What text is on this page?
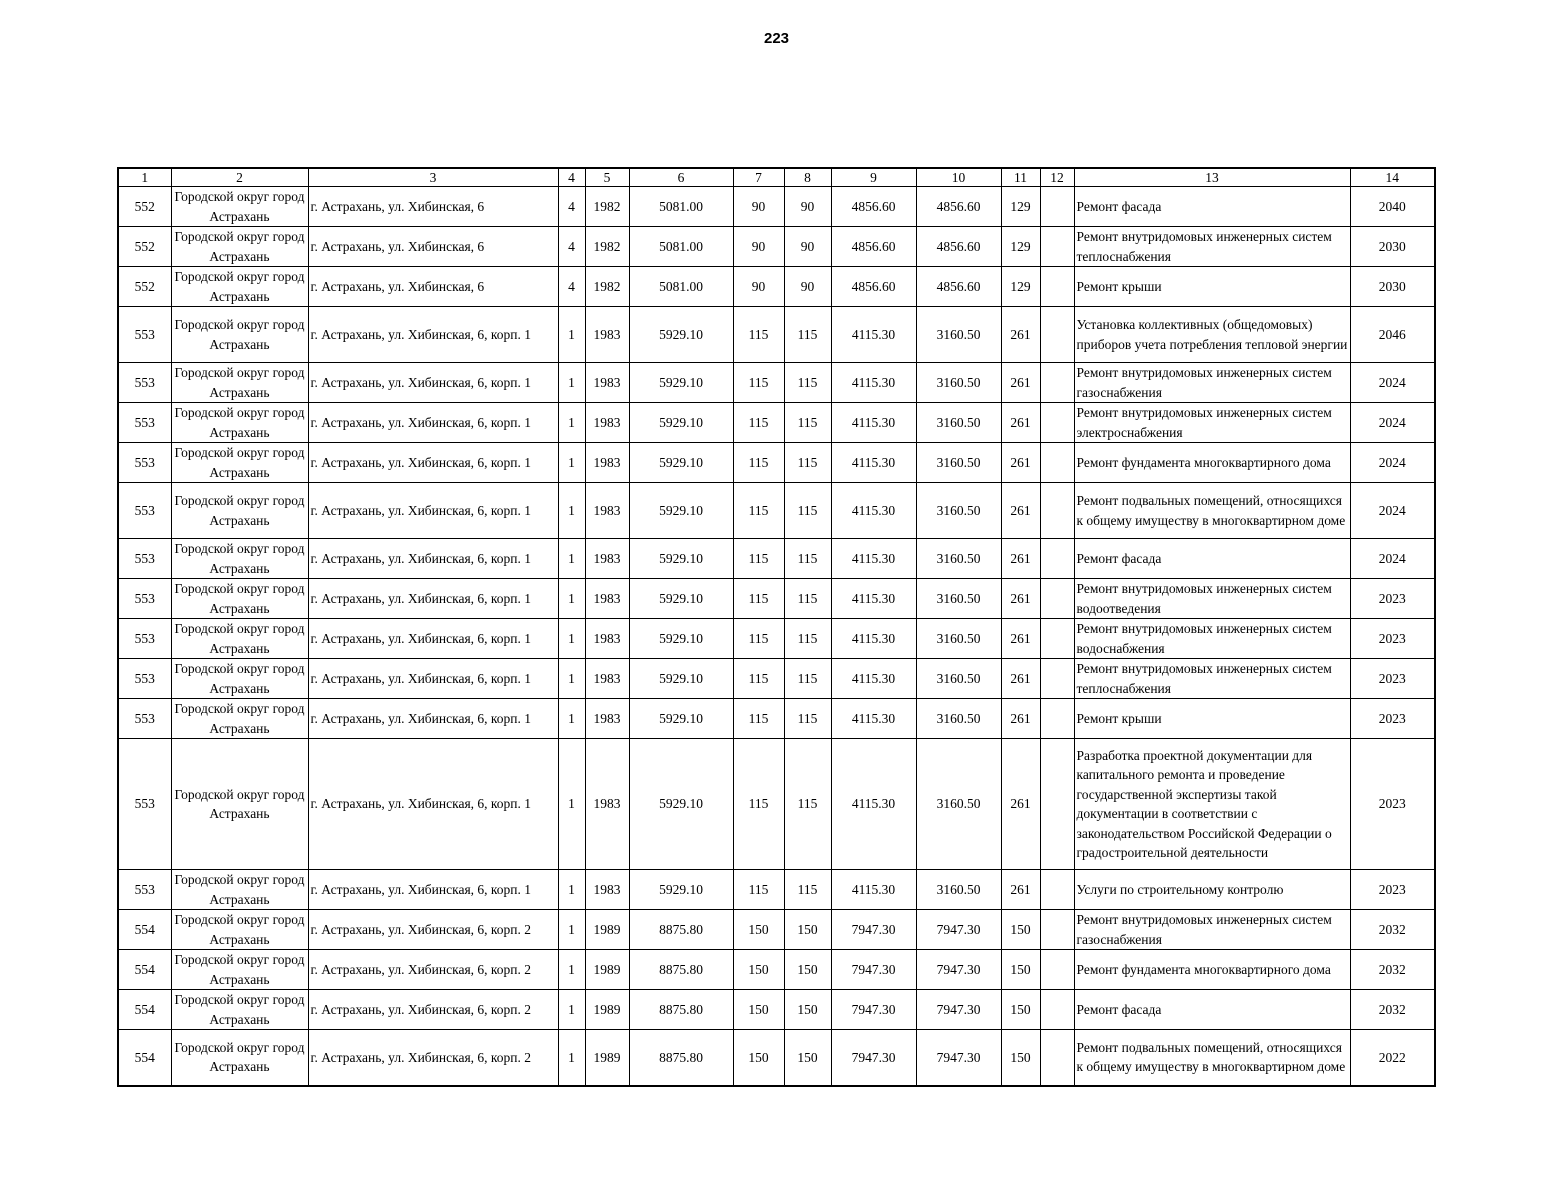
223
1	2	3	4	5	6	7	8	9	10	11	12	13	14
552	Городской округ город Астрахань	г. Астрахань, ул. Хибинская, 6	4	1982	5081.00	90	90	4856.60	4856.60	129		Ремонт фасада	2040
552	Городской округ город Астрахань	г. Астрахань, ул. Хибинская, 6	4	1982	5081.00	90	90	4856.60	4856.60	129		Ремонт внутридомовых инженерных систем теплоснабжения	2030
552	Городской округ город Астрахань	г. Астрахань, ул. Хибинская, 6	4	1982	5081.00	90	90	4856.60	4856.60	129		Ремонт крыши	2030
553	Городской округ город Астрахань	г. Астрахань, ул. Хибинская, 6, корп. 1	1	1983	5929.10	115	115	4115.30	3160.50	261		Установка коллективных (общедомовых) приборов учета потребления тепловой энергии	2046
553	Городской округ город Астрахань	г. Астрахань, ул. Хибинская, 6, корп. 1	1	1983	5929.10	115	115	4115.30	3160.50	261		Ремонт внутридомовых инженерных систем газоснабжения	2024
553	Городской округ город Астрахань	г. Астрахань, ул. Хибинская, 6, корп. 1	1	1983	5929.10	115	115	4115.30	3160.50	261		Ремонт внутридомовых инженерных систем электроснабжения	2024
553	Городской округ город Астрахань	г. Астрахань, ул. Хибинская, 6, корп. 1	1	1983	5929.10	115	115	4115.30	3160.50	261		Ремонт фундамента многоквартирного дома	2024
553	Городской округ город Астрахань	г. Астрахань, ул. Хибинская, 6, корп. 1	1	1983	5929.10	115	115	4115.30	3160.50	261		Ремонт подвальных помещений, относящихся к общему имуществу в многоквартирном доме	2024
553	Городской округ город Астрахань	г. Астрахань, ул. Хибинская, 6, корп. 1	1	1983	5929.10	115	115	4115.30	3160.50	261		Ремонт фасада	2024
553	Городской округ город Астрахань	г. Астрахань, ул. Хибинская, 6, корп. 1	1	1983	5929.10	115	115	4115.30	3160.50	261		Ремонт внутридомовых инженерных систем водоотведения	2023
553	Городской округ город Астрахань	г. Астрахань, ул. Хибинская, 6, корп. 1	1	1983	5929.10	115	115	4115.30	3160.50	261		Ремонт внутридомовых инженерных систем водоснабжения	2023
553	Городской округ город Астрахань	г. Астрахань, ул. Хибинская, 6, корп. 1	1	1983	5929.10	115	115	4115.30	3160.50	261		Ремонт внутридомовых инженерных систем теплоснабжения	2023
553	Городской округ город Астрахань	г. Астрахань, ул. Хибинская, 6, корп. 1	1	1983	5929.10	115	115	4115.30	3160.50	261		Ремонт крыши	2023
553	Городской округ город Астрахань	г. Астрахань, ул. Хибинская, 6, корп. 1	1	1983	5929.10	115	115	4115.30	3160.50	261		Разработка проектной документации для капитального ремонта и проведение государственной экспертизы такой документации в соответствии с законодательством Российской Федерации о градостроительной деятельности	2023
553	Городской округ город Астрахань	г. Астрахань, ул. Хибинская, 6, корп. 1	1	1983	5929.10	115	115	4115.30	3160.50	261		Услуги по строительному контролю	2023
554	Городской округ город Астрахань	г. Астрахань, ул. Хибинская, 6, корп. 2	1	1989	8875.80	150	150	7947.30	7947.30	150		Ремонт внутридомовых инженерных систем газоснабжения	2032
554	Городской округ город Астрахань	г. Астрахань, ул. Хибинская, 6, корп. 2	1	1989	8875.80	150	150	7947.30	7947.30	150		Ремонт фундамента многоквартирного дома	2032
554	Городской округ город Астрахань	г. Астрахань, ул. Хибинская, 6, корп. 2	1	1989	8875.80	150	150	7947.30	7947.30	150		Ремонт фасада	2032
554	Городской округ город Астрахань	г. Астрахань, ул. Хибинская, 6, корп. 2	1	1989	8875.80	150	150	7947.30	7947.30	150		Ремонт подвальных помещений, относящихся к общему имуществу в многоквартирном доме	2022
